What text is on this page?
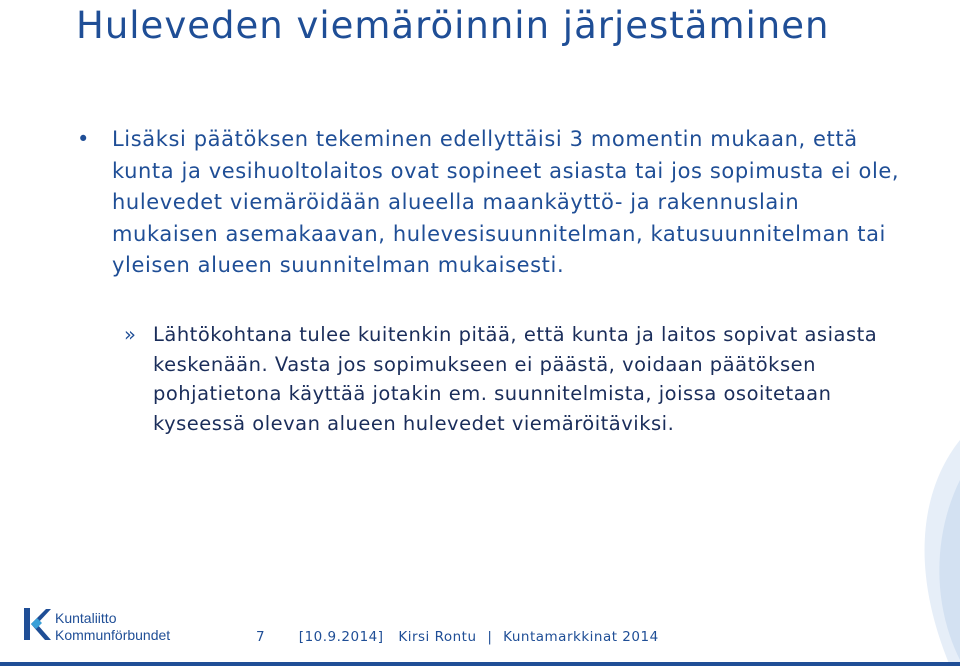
Huleveden viemäröinnin järjestäminen
• Lisäksi päätöksen tekeminen edellyttäisi 3 momentin mukaan, että kunta ja vesihuoltolaitos ovat sopineet asiasta tai jos sopimusta ei ole, hulevedet viemäröidään alueella maankäyttö- ja rakennuslain mukaisen asemakaavan, hulevesisuunnitelman, katusuunnitelman tai yleisen alueen suunnitelman mukaisesti.
» Lähtökohtana tulee kuitenkin pitää, että kunta ja laitos sopivat asiasta keskenään. Vasta jos sopimukseen ei päästä, voidaan päätöksen pohjatietona käyttää jotakin em. suunnitelmista, joissa osoitetaan kyseessä olevan alueen hulevedet viemäröitäviksi.
Kuntaliitto
Kommunförbundet	7 [10.9.2014] Kirsi Rontu | Kuntamarkkinat 2014
